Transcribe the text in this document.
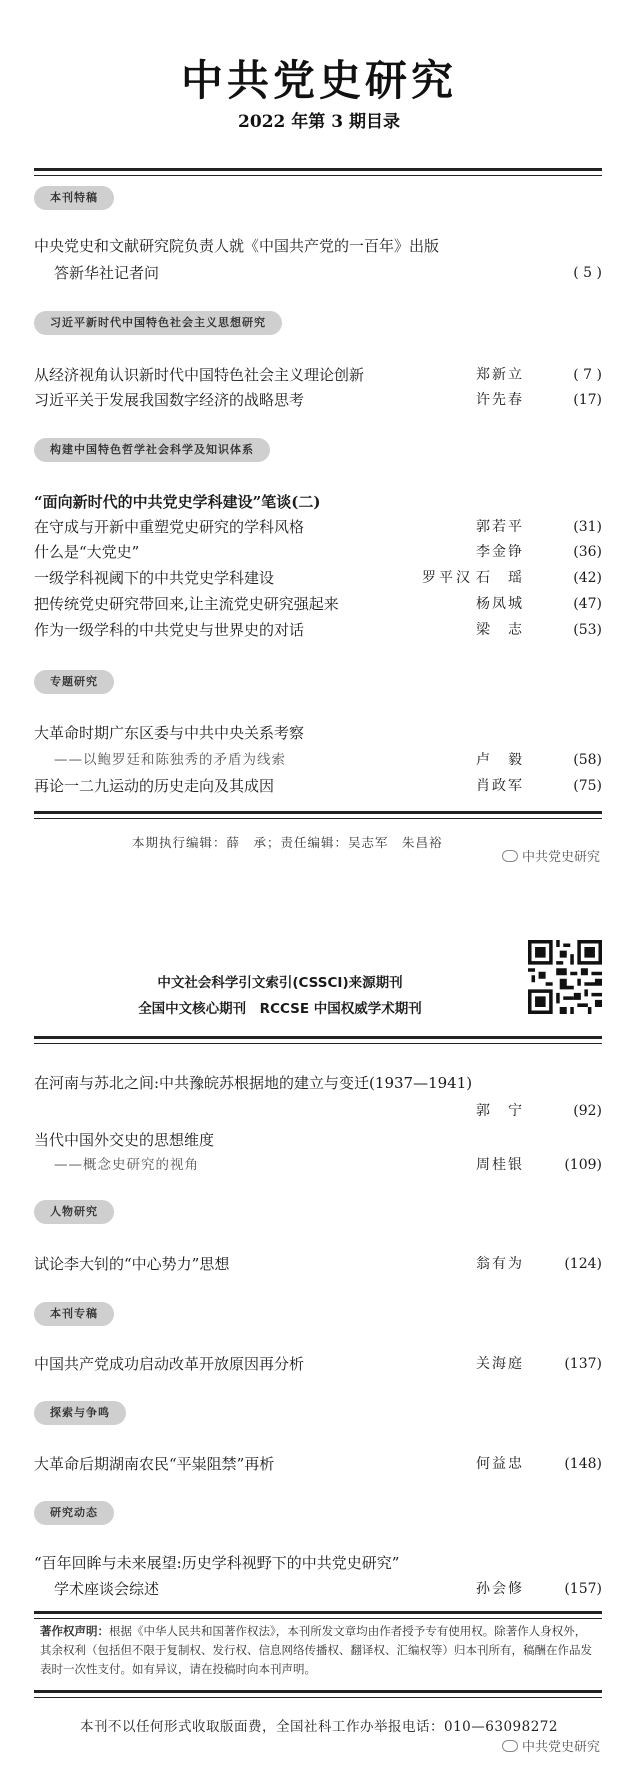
中共党史研究
2022 年第 3 期目录
本刊特稿
中央党史和文献研究院负责人就《中国共产党的一百年》出版
答新华社记者问	( 5 )
习近平新时代中国特色社会主义思想研究
从经济视角认识新时代中国特色社会主义理论创新	郑新立	( 7 )
习近平关于发展我国数字经济的战略思考	许先春	(17)
构建中国特色哲学社会科学及知识体系
“面向新时代的中共党史学科建设”笔谈(二)
在守成与开新中重塑党史研究的学科风格	郭若平	(31)
什么是“大党史”	李金铮	(36)
一级学科视阈下的中共党史学科建设	罗平汉 石　瑶	(42)
把传统党史研究带回来,让主流党史研究强起来	杨凤城	(47)
作为一级学科的中共党史与世界史的对话	梁　志	(53)
专题研究
大革命时期广东区委与中共中央关系考察
——以鲍罗廷和陈独秀的矛盾为线索	卢　毅	(58)
再论一二九运动的历史走向及其成因	肖政军	(75)
本期执行编辑：薛　承；责任编辑：吴志军　朱昌裕
中共党史研究
中文社会科学引文索引(CSSCI)来源期刊
全国中文核心期刊　RCCSE 中国权威学术期刊
在河南与苏北之间:中共豫皖苏根据地的建立与变迁(1937—1941)
郭　宁	(92)
当代中国外交史的思想维度
——概念史研究的视角	周桂银	(109)
人物研究
试论李大钊的“中心势力”思想	翁有为	(124)
本刊专稿
中国共产党成功启动改革开放原因再分析	关海庭	(137)
探索与争鸣
大革命后期湖南农民“平粜阻禁”再析	何益忠	(148)
研究动态
“百年回眸与未来展望:历史学科视野下的中共党史研究”
学术座谈会综述	孙会修	(157)
著作权声明：根据《中华人民共和国著作权法》，本刊所发文章均由作者授予专有使用权。除著作人身权外，其余权利（包括但不限于复制权、发行权、信息网络传播权、翻译权、汇编权等）归本刊所有，稿酬在作品发表时一次性支付。如有异议，请在投稿时向本刊声明。
本刊不以任何形式收取版面费，全国社科工作办举报电话：010—63098272
中共党史研究
